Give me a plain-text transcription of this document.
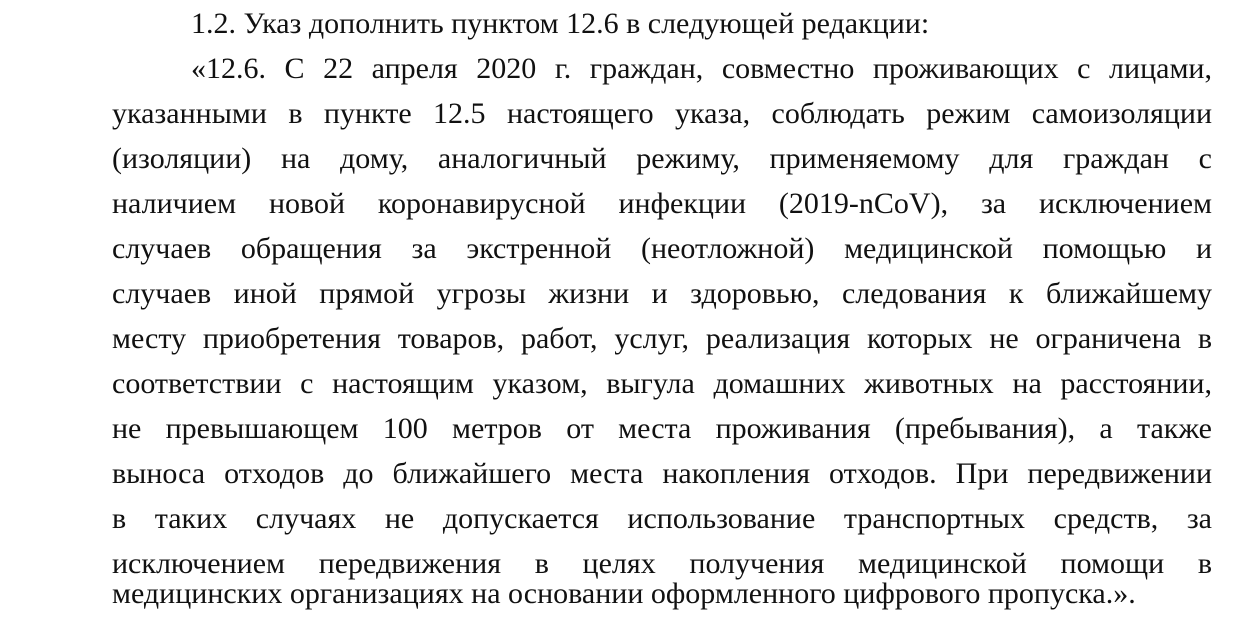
1.2. Указ дополнить пунктом 12.6 в следующей редакции:

«12.6. С 22 апреля 2020 г. граждан, совместно проживающих с лицами,

указанными в пункте 12.5 настоящего указа, соблюдать режим самоизоляции

(изоляции) на дому, аналогичный режиму, применяемому для граждан с

наличием новой коронавирусной инфекции (2019-nCoV), за исключением

случаев обращения за экстренной (неотложной) медицинской помощью и

случаев иной прямой угрозы жизни и здоровью, следования к ближайшему

месту приобретения товаров, работ, услуг, реализация которых не ограничена в

соответствии с настоящим указом, выгула домашних животных на расстоянии,

не превышающем 100 метров от места проживания (пребывания), а также

выноса отходов до ближайшего места накопления отходов. При передвижении

в таких случаях не допускается использование транспортных средств, за

исключением передвижения в целях получения медицинской помощи в

медицинских организациях на основании оформленного цифрового пропуска.».
